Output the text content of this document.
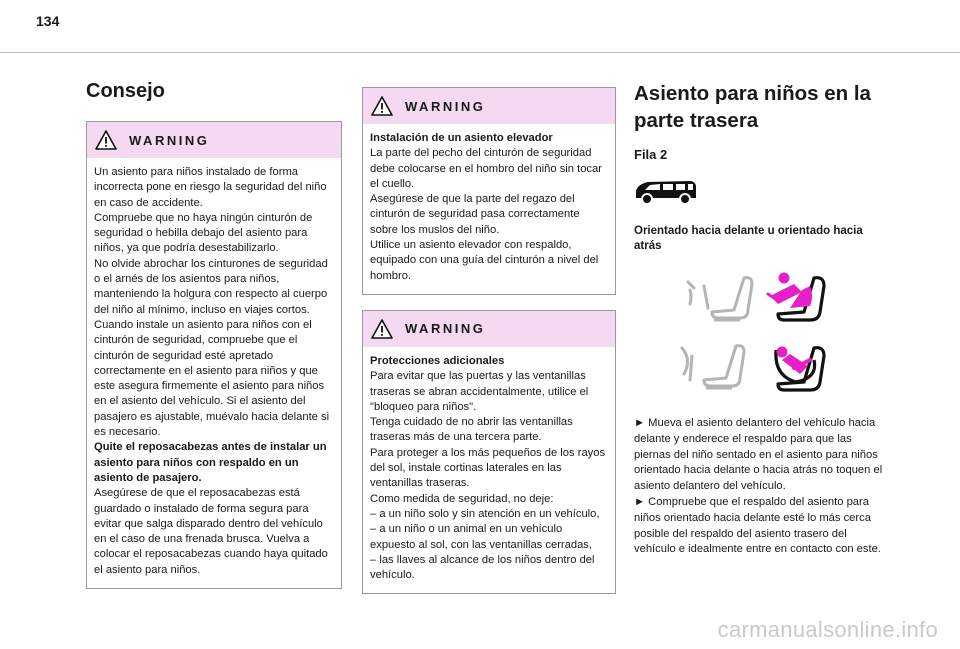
134
Consejo
WARNING

Un asiento para niños instalado de forma incorrecta pone en riesgo la seguridad del niño en caso de accidente.

Compruebe que no haya ningún cinturón de seguridad o hebilla debajo del asiento para niños, ya que podría desestabilizarlo.

No olvide abrochar los cinturones de seguridad o el arnés de los asientos para niños, manteniendo la holgura con respecto al cuerpo del niño al mínimo, incluso en viajes cortos.

Cuando instale un asiento para niños con el cinturón de seguridad, compruebe que el cinturón de seguridad esté apretado correctamente en el asiento para niños y que este asegura firmemente el asiento para niños en el asiento del vehículo. Si el asiento del pasajero es ajustable, muévalo hacia delante si es necesario.

Quite el reposacabezas antes de instalar un asiento para niños con respaldo en un asiento de pasajero.

Asegúrese de que el reposacabezas está guardado o instalado de forma segura para evitar que salga disparado dentro del vehículo en el caso de una frenada brusca. Vuelva a colocar el reposacabezas cuando haya quitado el asiento para niños.

WARNING

Instalación de un asiento elevador

La parte del pecho del cinturón de seguridad debe colocarse en el hombro del niño sin tocar el cuello.

Asegúrese de que la parte del regazo del cinturón de seguridad pasa correctamente sobre los muslos del niño.

Utilice un asiento elevador con respaldo, equipado con una guía del cinturón a nivel del hombro.

WARNING

Protecciones adicionales

Para evitar que las puertas y las ventanillas traseras se abran accidentalmente, utilice el "bloqueo para niños".

Tenga cuidado de no abrir las ventanillas traseras más de una tercera parte.

Para proteger a los más pequeños de los rayos del sol, instale cortinas laterales en las ventanillas traseras.

Como medida de seguridad, no deje:

– a un niño solo y sin atención en un vehículo,

– a un niño o un animal en un vehículo expuesto al sol, con las ventanillas cerradas,

– las llaves al alcance de los niños dentro del vehículo.

Asiento para niños en la parte trasera
Fila 2
Orientado hacia delante u orientado hacia atrás

► Mueva el asiento delantero del vehículo hacia delante y enderece el respaldo para que las piernas del niño sentado en el asiento para niños orientado hacia delante o hacia atrás no toquen el asiento delantero del vehículo.

► Compruebe que el respaldo del asiento para niños orientado hacia delante esté lo más cerca posible del respaldo del asiento trasero del vehículo e idealmente entre en contacto con este.

carmanualsonline.info
